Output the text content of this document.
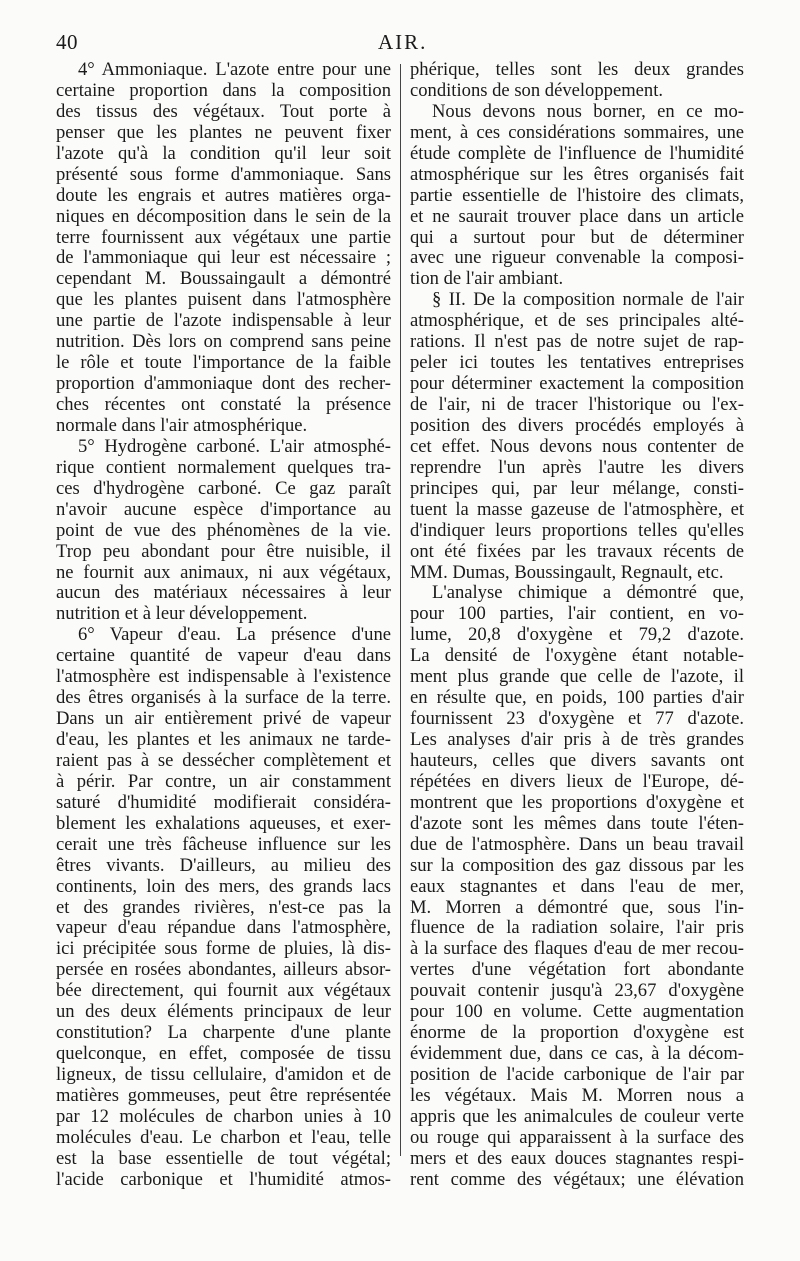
40	AIR.
4° Ammoniaque. L'azote entre pour une
certaine proportion dans la composition
des tissus des végétaux. Tout porte à
penser que les plantes ne peuvent fixer
l'azote qu'à la condition qu'il leur soit
présenté sous forme d'ammoniaque. Sans
doute les engrais et autres matières orga-
niques en décomposition dans le sein de la
terre fournissent aux végétaux une partie
de l'ammoniaque qui leur est nécessaire ;
cependant M. Boussaingault a démontré
que les plantes puisent dans l'atmosphère
une partie de l'azote indispensable à leur
nutrition. Dès lors on comprend sans peine
le rôle et toute l'importance de la faible
proportion d'ammoniaque dont des recher-
ches récentes ont constaté la présence
normale dans l'air atmosphérique.
5° Hydrogène carboné. L'air atmosphé-
rique contient normalement quelques tra-
ces d'hydrogène carboné. Ce gaz paraît
n'avoir aucune espèce d'importance au
point de vue des phénomènes de la vie.
Trop peu abondant pour être nuisible, il
ne fournit aux animaux, ni aux végétaux,
aucun des matériaux nécessaires à leur
nutrition et à leur développement.
6° Vapeur d'eau. La présence d'une
certaine quantité de vapeur d'eau dans
l'atmosphère est indispensable à l'existence
des êtres organisés à la surface de la terre.
Dans un air entièrement privé de vapeur
d'eau, les plantes et les animaux ne tarde-
raient pas à se dessécher complètement et
à périr. Par contre, un air constamment
saturé d'humidité modifierait considéra-
blement les exhalations aqueuses, et exer-
cerait une très fâcheuse influence sur les
êtres vivants. D'ailleurs, au milieu des
continents, loin des mers, des grands lacs
et des grandes rivières, n'est-ce pas la
vapeur d'eau répandue dans l'atmosphère,
ici précipitée sous forme de pluies, là dis-
persée en rosées abondantes, ailleurs absor-
bée directement, qui fournit aux végétaux
un des deux éléments principaux de leur
constitution? La charpente d'une plante
quelconque, en effet, composée de tissu
ligneux, de tissu cellulaire, d'amidon et de
matières gommeuses, peut être représentée
par 12 molécules de charbon unies à 10
molécules d'eau. Le charbon et l'eau, telle
est la base essentielle de tout végétal;
l'acide carbonique et l'humidité atmos-
phérique, telles sont les deux grandes
conditions de son développement.
Nous devons nous borner, en ce mo-
ment, à ces considérations sommaires, une
étude complète de l'influence de l'humidité
atmosphérique sur les êtres organisés fait
partie essentielle de l'histoire des climats,
et ne saurait trouver place dans un article
qui a surtout pour but de déterminer
avec une rigueur convenable la composi-
tion de l'air ambiant.
§ II. De la composition normale de l'air
atmosphérique, et de ses principales alté-
rations. Il n'est pas de notre sujet de rap-
peler ici toutes les tentatives entreprises
pour déterminer exactement la composition
de l'air, ni de tracer l'historique ou l'ex-
position des divers procédés employés à
cet effet. Nous devons nous contenter de
reprendre l'un après l'autre les divers
principes qui, par leur mélange, consti-
tuent la masse gazeuse de l'atmosphère, et
d'indiquer leurs proportions telles qu'elles
ont été fixées par les travaux récents de
MM. Dumas, Boussingault, Regnault, etc.
L'analyse chimique a démontré que,
pour 100 parties, l'air contient, en vo-
lume, 20,8 d'oxygène et 79,2 d'azote.
La densité de l'oxygène étant notable-
ment plus grande que celle de l'azote, il
en résulte que, en poids, 100 parties d'air
fournissent 23 d'oxygène et 77 d'azote.
Les analyses d'air pris à de très grandes
hauteurs, celles que divers savants ont
répétées en divers lieux de l'Europe, dé-
montrent que les proportions d'oxygène et
d'azote sont les mêmes dans toute l'éten-
due de l'atmosphère. Dans un beau travail
sur la composition des gaz dissous par les
eaux stagnantes et dans l'eau de mer,
M. Morren a démontré que, sous l'in-
fluence de la radiation solaire, l'air pris
à la surface des flaques d'eau de mer recou-
vertes d'une végétation fort abondante
pouvait contenir jusqu'à 23,67 d'oxygène
pour 100 en volume. Cette augmentation
énorme de la proportion d'oxygène est
évidemment due, dans ce cas, à la décom-
position de l'acide carbonique de l'air par
les végétaux. Mais M. Morren nous a
appris que les animalcules de couleur verte
ou rouge qui apparaissent à la surface des
mers et des eaux douces stagnantes respi-
rent comme des végétaux; une élévation
